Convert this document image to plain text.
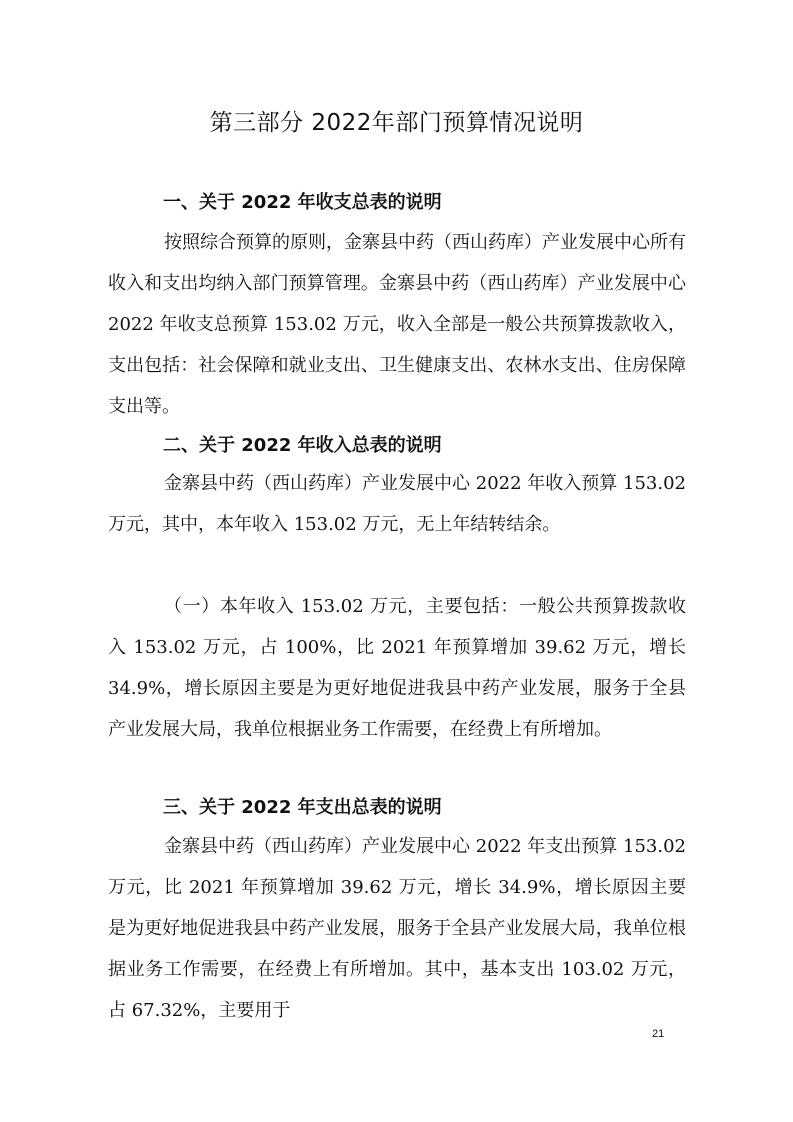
第三部分 2022年部门预算情况说明
一、关于 2022 年收支总表的说明

按照综合预算的原则，金寨县中药（西山药库）产业发展中心所有收入和支出均纳入部门预算管理。金寨县中药（西山药库）产业发展中心 2022 年收支总预算 153.02 万元，收入全部是一般公共预算拨款收入，支出包括：社会保障和就业支出、卫生健康支出、农林水支出、住房保障支出等。

二、关于 2022 年收入总表的说明

金寨县中药（西山药库）产业发展中心 2022 年收入预算 153.02 万元，其中，本年收入 153.02 万元，无上年结转结余。

（一）本年收入 153.02 万元，主要包括：一般公共预算拨款收入 153.02 万元，占 100%，比 2021 年预算增加 39.62 万元，增长 34.9%，增长原因主要是为更好地促进我县中药产业发展，服务于全县产业发展大局，我单位根据业务工作需要，在经费上有所增加。

三、关于 2022 年支出总表的说明

金寨县中药（西山药库）产业发展中心 2022 年支出预算 153.02 万元，比 2021 年预算增加 39.62 万元，增长 34.9%，增长原因主要是为更好地促进我县中药产业发展，服务于全县产业发展大局，我单位根据业务工作需要，在经费上有所增加。其中，基本支出 103.02 万元，占 67.32%，主要用于

21
